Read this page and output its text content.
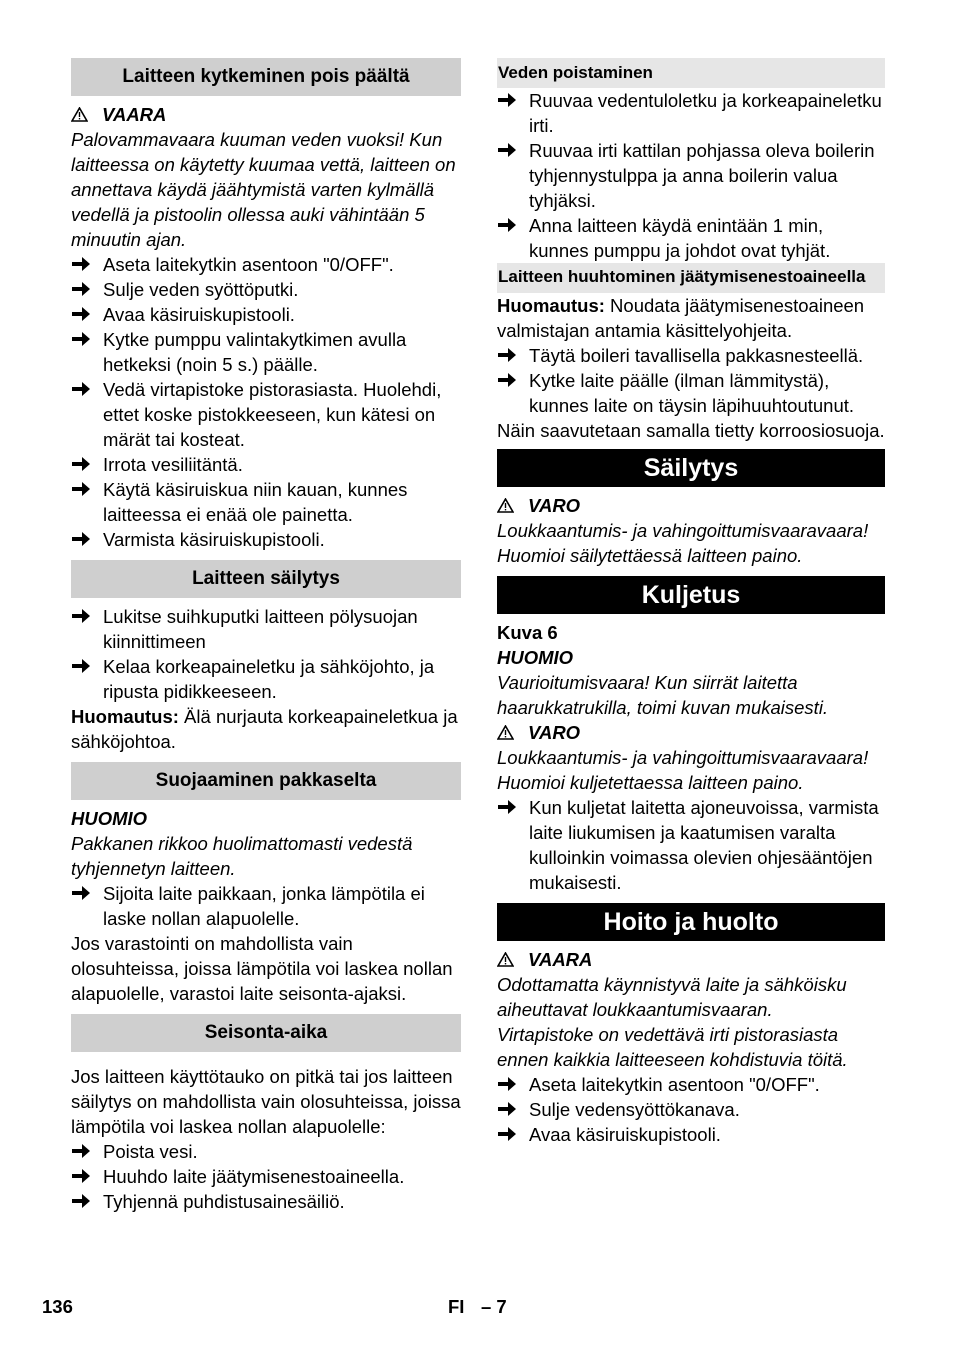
Laitteen kytkeminen pois päältä

VAARA

Palovammavaara kuuman veden vuoksi! Kun laitteessa on käytetty kuumaa vettä, laitteen on annettava käydä jäähtymistä varten kylmällä vedellä ja pistoolin ollessa auki vähintään 5 minuutin ajan.

Aseta laitekytkin asentoon "0/OFF".
Sulje veden syöttöputki.
Avaa käsiruiskupistooli.
Kytke pumppu valintakytkimen avulla hetkeksi (noin 5 s.) päälle.
Vedä virtapistoke pistorasiasta. Huolehdi, ettet koske pistokkeeseen, kun kätesi on märät tai kosteat.
Irrota vesiliitäntä.
Käytä käsiruiskua niin kauan, kunnes laitteessa ei enää ole painetta.
Varmista käsiruiskupistooli.
Laitteen säilytys
Lukitse suihkuputki laitteen pölysuojan kiinnittimeen
Kelaa korkeapaineletku ja sähköjohto, ja ripusta pidikkeeseen.

Huomautus: Älä nurjauta korkeapaineletkua ja sähköjohtoa.

Suojaaminen pakkaselta

HUOMIO

Pakkanen rikkoo huolimattomasti vedestä tyhjennetyn laitteen.

Sijoita laite paikkaan, jonka lämpötila ei laske nollan alapuolelle.

Jos varastointi on mahdollista vain olosuhteissa, joissa lämpötila voi laskea nollan alapuolelle, varastoi laite seisonta-ajaksi.

Seisonta-aika

Jos laitteen käyttötauko on pitkä tai jos laitteen säilytys on mahdollista vain olosuhteissa, joissa lämpötila voi laskea nollan alapuolelle:

Poista vesi.
Huuhdo laite jäätymisenestoaineella.
Tyhjennä puhdistusainesäiliö.
Veden poistaminen
Ruuvaa vedentuloletku ja korkeapaineletku irti.
Ruuvaa irti kattilan pohjassa oleva boilerin tyhjennystulppa ja anna boilerin valua tyhjäksi.
Anna laitteen käydä enintään 1 min, kunnes pumppu ja johdot ovat tyhjät.
Laitteen huuhtominen jäätymisenestoaineella

Huomautus: Noudata jäätymisenestoaineen valmistajan antamia käsittelyohjeita.

Täytä boileri tavallisella pakkasnesteellä.
Kytke laite päälle (ilman lämmitystä), kunnes laite on täysin läpihuuhtoutunut.

Näin saavutetaan samalla tietty korroosiosuoja.

Säilytys

VARO

Loukkaantumis- ja vahingoittumisvaaravaara! Huomioi säilytettäessä laitteen paino.

Kuljetus

Kuva 6

HUOMIO

Vaurioitumisvaara! Kun siirrät laitetta haarukkatrukilla, toimi kuvan mukaisesti.

VARO

Loukkaantumis- ja vahingoittumisvaaravaara! Huomioi kuljetettaessa laitteen paino.

Kun kuljetat laitetta ajoneuvoissa, varmista laite liukumisen ja kaatumisen varalta kulloinkin voimassa olevien ohjesääntöjen mukaisesti.
Hoito ja huolto

VAARA

Odottamatta käynnistyvä laite ja sähköisku aiheuttavat loukkaantumisvaaran.

Virtapistoke on vedettävä irti pistorasiasta ennen kaikkia laitteeseen kohdistuvia töitä.

Aseta laitekytkin asentoon "0/OFF".
Sulje vedensyöttökanava.
Avaa käsiruiskupistooli.
136	FI – 7
